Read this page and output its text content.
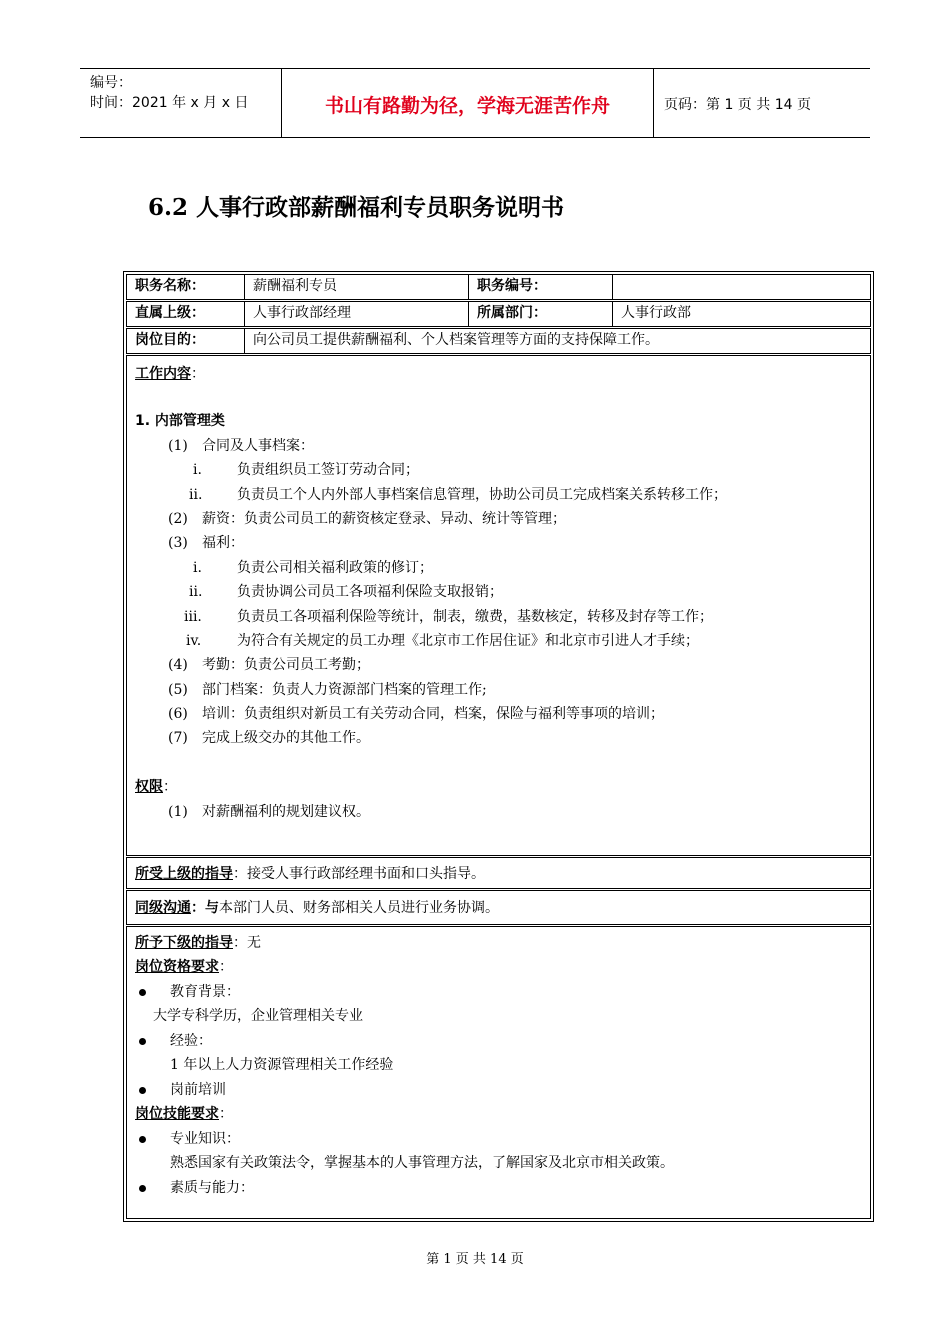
编号：
时间：2021 年 x 月 x 日	书山有路勤为径，学海无涯苦作舟	页码：第 1 页 共 14 页
6.2 人事行政部薪酬福利专员职务说明书
职务名称：	薪酬福利专员	职务编号：
直属上级：	人事行政部经理	所属部门：	人事行政部
岗位目的：	向公司员工提供薪酬福利、个人档案管理等方面的支持保障工作。
工作内容：
1. 内部管理类
(1) 合同及人事档案：
i.	负责组织员工签订劳动合同；
ii. 负责员工个人内外部人事档案信息管理，协助公司员工完成档案关系转移工作；
(2) 薪资：负责公司员工的薪资核定登录、异动、统计等管理；
(3) 福利：
i.	负责公司相关福利政策的修订；
ii. 负责协调公司员工各项福利保险支取报销；
iii.	负责员工各项福利保险等统计，制表，缴费，基数核定，转移及封存等工作；
iv.	为符合有关规定的员工办理《北京市工作居住证》和北京市引进人才手续；
(4) 考勤：负责公司员工考勤；
(5) 部门档案：负责人力资源部门档案的管理工作;
(6) 培训：负责组织对新员工有关劳动合同，档案，保险与福利等事项的培训；
(7) 完成上级交办的其他工作。
权限：
(1) 对薪酬福利的规划建议权。
所受上级的指导：接受人事行政部经理书面和口头指导。
同级沟通：与本部门人员、财务部相关人员进行业务协调。
所予下级的指导：无
岗位资格要求：
教育背景：
大学专科学历，企业管理相关专业
经验：
1 年以上人力资源管理相关工作经验
岗前培训
岗位技能要求：
专业知识：
熟悉国家有关政策法令，掌握基本的人事管理方法，了解国家及北京市相关政策。
素质与能力：
第 1 页 共 14 页
